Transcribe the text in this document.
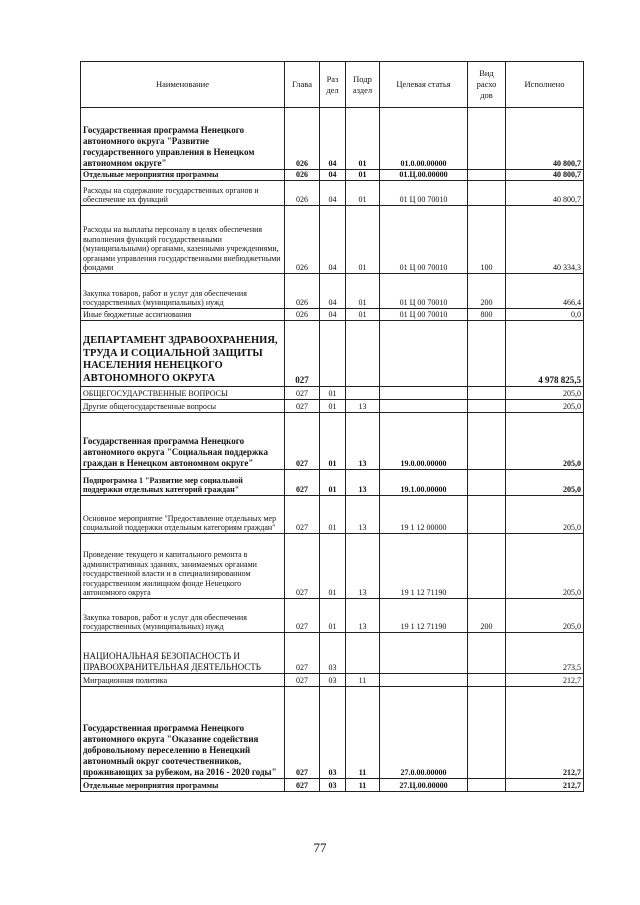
Наименование	Глава	Раз дел	Подр аздел	Целевая статья	Вид расхо дов	Исполнено
Государственная программа Ненецкого автономного округа "Развитие государственного управления в Ненецком автономном округе"	026	04	01	01.0.00.00000		40 800,7
Отдельные мероприятия программы	026	04	01	01.Ц.00.00000		40 800,7
Расходы на содержание государственных органов и обеспечение их функций	026	04	01	01 Ц 00 70010		40 800,7
Расходы на выплаты персоналу в целях обеспечения выполнения функций государственными (муниципальными) органами, казенными учреждениями, органами управления государственными внебюджетными фондами	026	04	01	01 Ц 00 70010	100	40 334,3
Закупка товаров, работ и услуг для обеспечения государственных (муниципальных) нужд	026	04	01	01 Ц 00 70010	200	466,4
Иные бюджетные ассигнования	026	04	01	01 Ц 00 70010	800	0,0
ДЕПАРТАМЕНТ ЗДРАВООХРАНЕНИЯ, ТРУДА И СОЦИАЛЬНОЙ ЗАЩИТЫ НАСЕЛЕНИЯ НЕНЕЦКОГО АВТОНОМНОГО ОКРУГА	027					4 978 825,5
ОБЩЕГОСУДАРСТВЕННЫЕ ВОПРОСЫ	027	01				205,0
Другие общегосударственные вопросы	027	01	13			205,0
Государственная программа Ненецкого автономного округа "Социальная поддержка граждан в Ненецком автономном округе"	027	01	13	19.0.00.00000		205,0
Подпрограмма 1 "Развитие мер социальной поддержки отдельных категорий граждан"	027	01	13	19.1.00.00000		205,0
Основное мероприятие "Предоставление отдельных мер социальной поддержки отдельным категориям граждан"	027	01	13	19 1 12 00000		205,0
Проведение текущего и капитального ремонта в административных зданиях, занимаемых органами государственной власти и в специализированном государственном жилищном фонде Ненецкого автономного округа	027	01	13	19 1 12 71190		205,0
Закупка товаров, работ и услуг для обеспечения государственных (муниципальных) нужд	027	01	13	19 1 12 71190	200	205,0
НАЦИОНАЛЬНАЯ БЕЗОПАСНОСТЬ И ПРАВООХРАНИТЕЛЬНАЯ ДЕЯТЕЛЬНОСТЬ	027	03				273,5
Миграционная политика	027	03	11			212,7
Государственная программа Ненецкого автономного округа "Оказание содействия добровольному переселению в Ненецкий автономный округ соотечественников, проживающих за рубежом, на 2016 - 2020 годы"	027	03	11	27.0.00.00000		212,7
Отдельные мероприятия программы	027	03	11	27.Ц.00.00000		212,7
77
